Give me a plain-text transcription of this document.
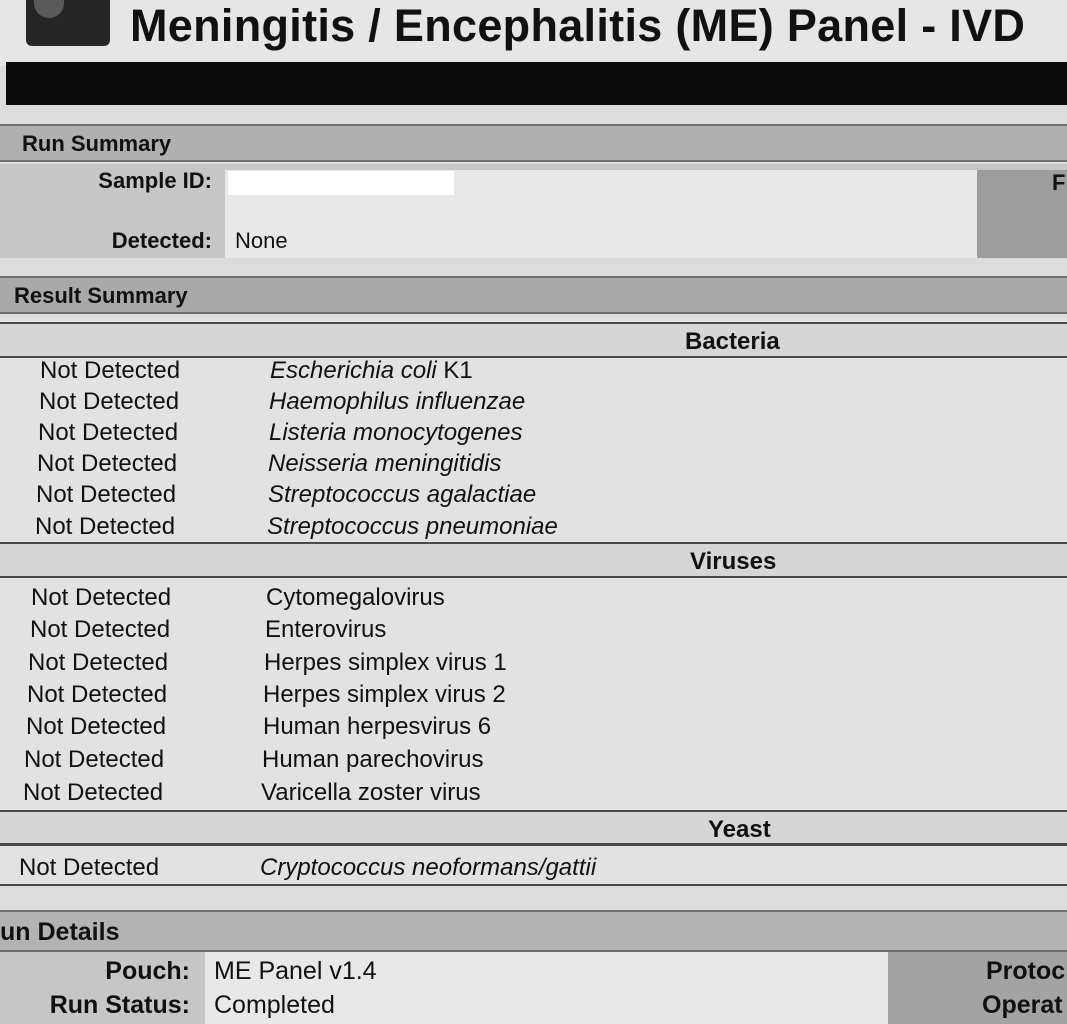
Meningitis / Encephalitis (ME) Panel - IVD
Run Summary
Sample ID:
Detected: None
F
Result Summary
Bacteria
Not Detected	Escherichia coli K1
Not Detected	Haemophilus influenzae
Not Detected	Listeria monocytogenes
Not Detected	Neisseria meningitidis
Not Detected	Streptococcus agalactiae
Not Detected	Streptococcus pneumoniae
Viruses
Not Detected	Cytomegalovirus
Not Detected	Enterovirus
Not Detected	Herpes simplex virus 1
Not Detected	Herpes simplex virus 2
Not Detected	Human herpesvirus 6
Not Detected	Human parechovirus
Not Detected	Varicella zoster virus
Yeast
Not Detected	Cryptococcus neoformans/gattii
un Details
Pouch: ME Panel v1.4
Run Status: Completed
Protoc
Operat
